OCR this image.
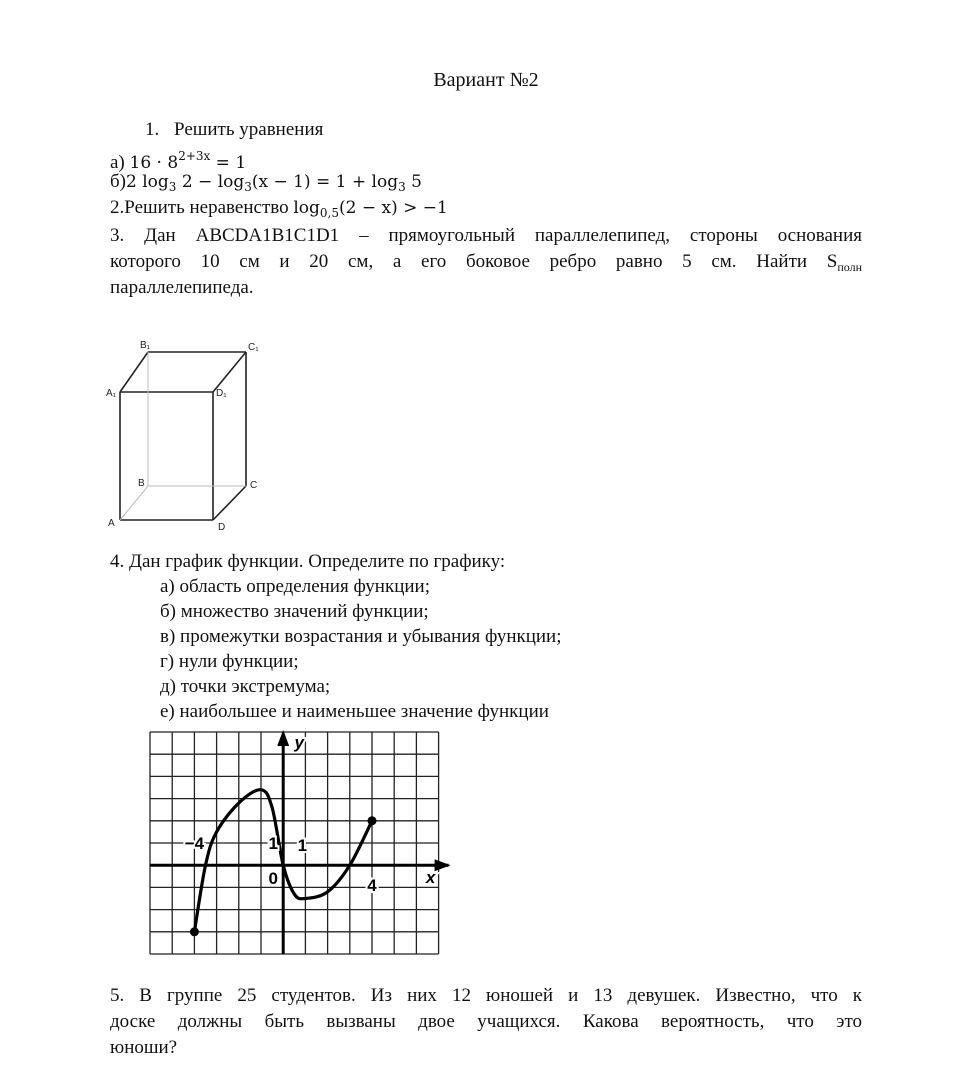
Вариант №2
1. Решить уравнения
а) $16 \cdot 8^{2+3x} = 1$
б)2 $\log_3 2 - \log_3(x - 1) = 1 + \log_3 5$
2.Решить неравенство $\log_{0,5}(2 - x) > -1$
3. Дан ABCDA1B1C1D1 – прямоугольный параллелепипед, стороны основания
которого 10 см и 20 см, а его боковое ребро равно 5 см. Найти $S_{полн}$
параллелепипеда.
B₁	C₁
A₁	D₁
B	C
A	D
4. Дан график функции. Определите по графику:
а) область определения функции;
б) множество значений функции;
в) промежутки возрастания и убывания функции;
г) нули функции;
д) точки экстремума;
е) наибольшее и наименьшее значение функции
−4	1 1
0	4	x
y
5. В группе 25 студентов. Из них 12 юношей и 13 девушек. Известно, что к
доске должны быть вызваны двое учащихся. Какова вероятность, что это
юноши?
